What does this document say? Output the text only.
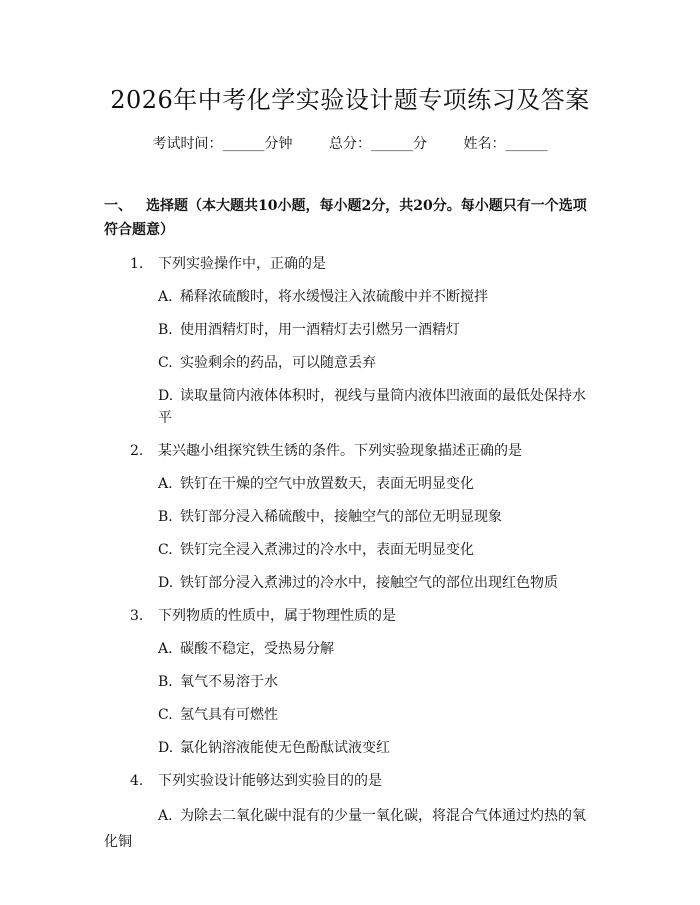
2026年中考化学实验设计题专项练习及答案
考试时间：______分钟	总分：______分	姓名：______
一、 选择题（本大题共10小题，每小题2分，共20分。每小题只有一个选项符合题意）
1. 下列实验操作中，正确的是
A. 稀释浓硫酸时，将水缓慢注入浓硫酸中并不断搅拌
B. 使用酒精灯时，用一酒精灯去引燃另一酒精灯
C. 实验剩余的药品，可以随意丢弃
D. 读取量筒内液体体积时，视线与量筒内液体凹液面的最低处保持水平
2. 某兴趣小组探究铁生锈的条件。下列实验现象描述正确的是
A. 铁钉在干燥的空气中放置数天，表面无明显变化
B. 铁钉部分浸入稀硫酸中，接触空气的部位无明显现象
C. 铁钉完全浸入煮沸过的冷水中，表面无明显变化
D. 铁钉部分浸入煮沸过的冷水中，接触空气的部位出现红色物质
3. 下列物质的性质中，属于物理性质的是
A. 碳酸不稳定，受热易分解
B. 氧气不易溶于水
C. 氢气具有可燃性
D. 氯化钠溶液能使无色酚酞试液变红
4. 下列实验设计能够达到实验目的的是
A. 为除去二氧化碳中混有的少量一氧化碳，将混合气体通过灼热的氧化铜
